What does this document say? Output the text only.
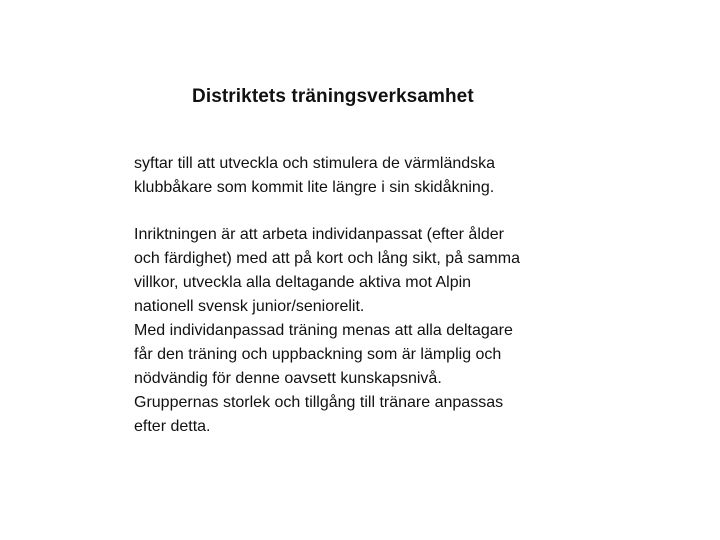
Distriktets träningsverksamhet

syftar till att utveckla och stimulera de värmländska
klubbåkare som kommit lite längre i sin skidåkning.

Inriktningen är att arbeta individanpassat (efter ålder
och färdighet) med att på kort och lång sikt, på samma
villkor, utveckla alla deltagande aktiva mot Alpin
nationell svensk junior/seniorelit.
Med individanpassad träning menas att alla deltagare
får den träning och uppbackning som är lämplig och
nödvändig för denne oavsett kunskapsnivå.
Gruppernas storlek och tillgång till tränare anpassas
efter detta.
